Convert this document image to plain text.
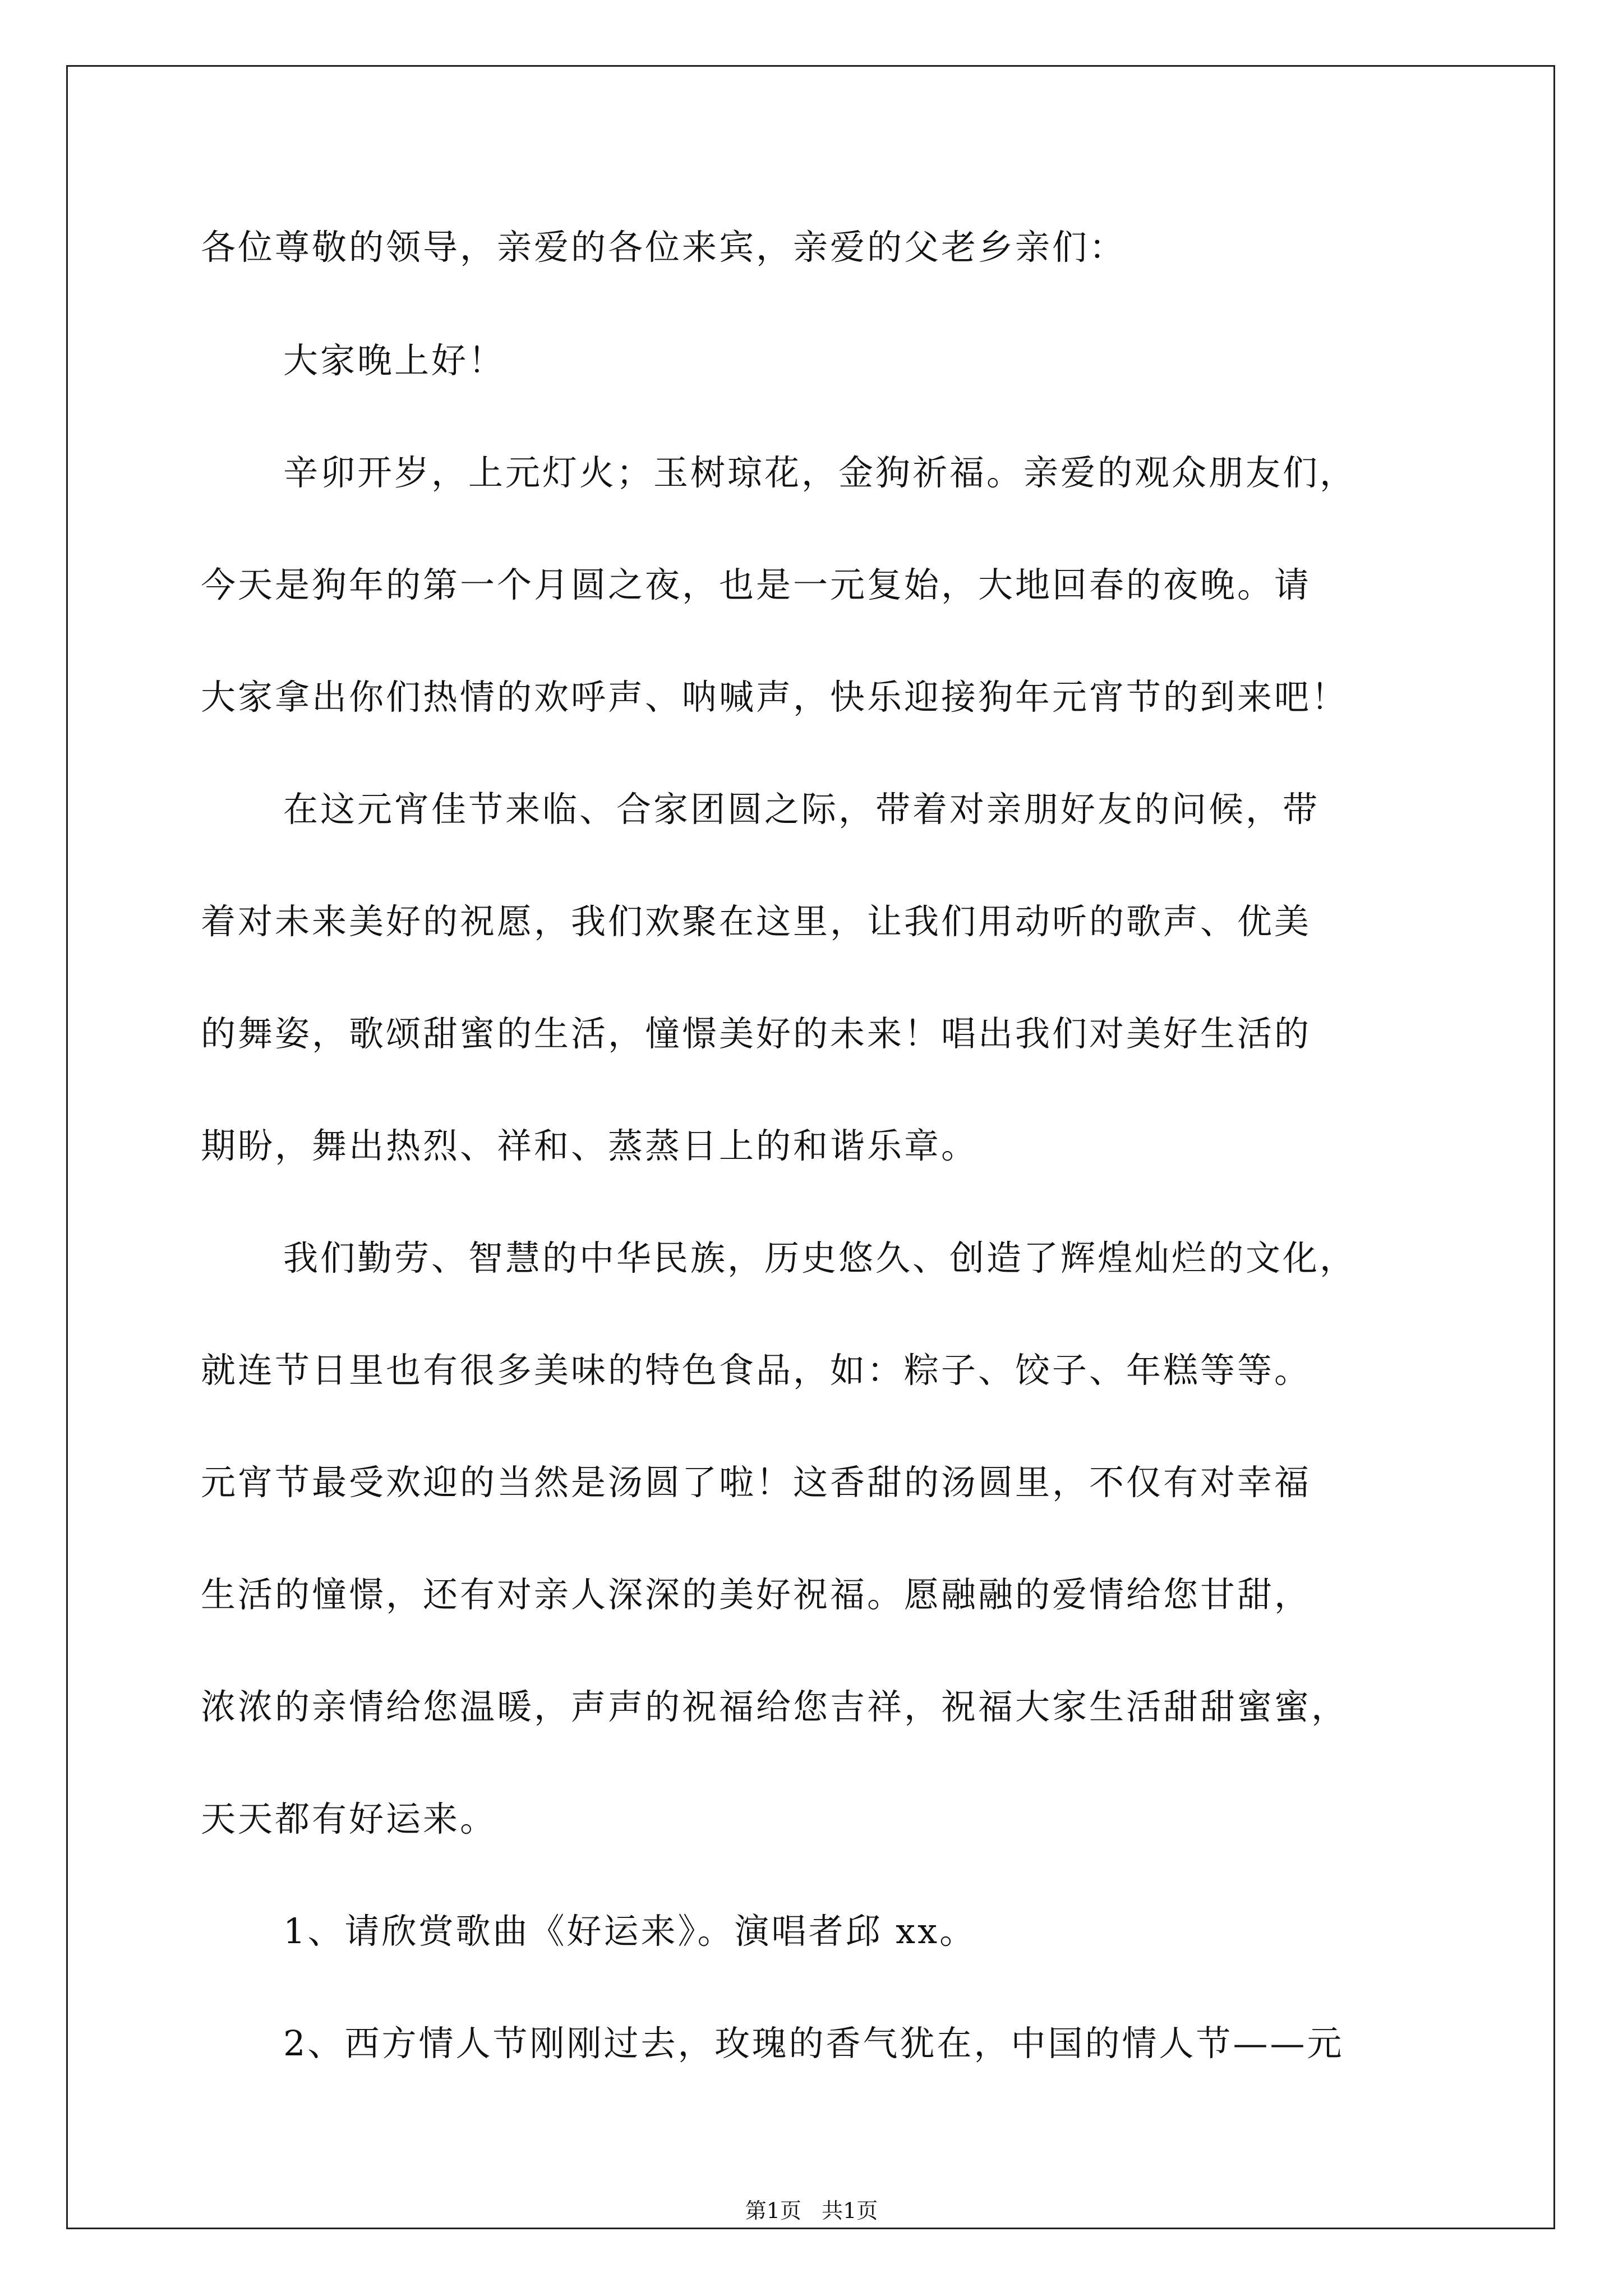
各位尊敬的领导，亲爱的各位来宾，亲爱的父老乡亲们：
大家晚上好！
辛卯开岁，上元灯火；玉树琼花，金狗祈福。亲爱的观众朋友们，
今天是狗年的第一个月圆之夜，也是一元复始，大地回春的夜晚。请
大家拿出你们热情的欢呼声、呐喊声，快乐迎接狗年元宵节的到来吧！
在这元宵佳节来临、合家团圆之际，带着对亲朋好友的问候，带
着对未来美好的祝愿，我们欢聚在这里，让我们用动听的歌声、优美
的舞姿，歌颂甜蜜的生活，憧憬美好的未来！唱出我们对美好生活的
期盼，舞出热烈、祥和、蒸蒸日上的和谐乐章。
我们勤劳、智慧的中华民族，历史悠久、创造了辉煌灿烂的文化，
就连节日里也有很多美味的特色食品，如：粽子、饺子、年糕等等。
元宵节最受欢迎的当然是汤圆了啦！这香甜的汤圆里，不仅有对幸福
生活的憧憬，还有对亲人深深的美好祝福。愿融融的爱情给您甘甜，
浓浓的亲情给您温暖，声声的祝福给您吉祥，祝福大家生活甜甜蜜蜜，
天天都有好运来。
1、请欣赏歌曲《好运来》。演唱者邱 xx。
2、西方情人节刚刚过去，玫瑰的香气犹在，中国的情人节——元
第1页 共1页
